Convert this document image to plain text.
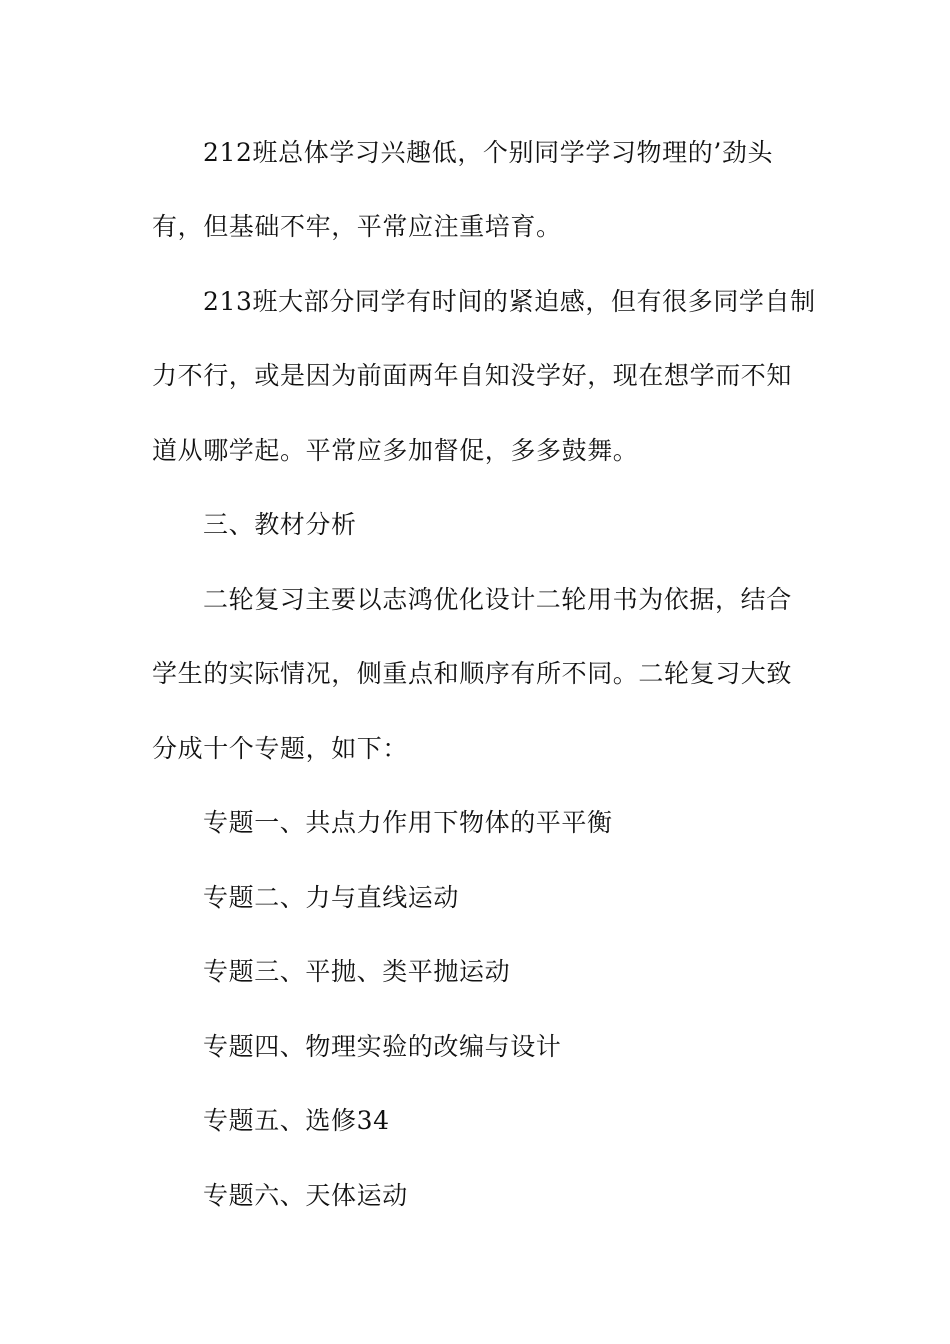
212班总体学习兴趣低，个别同学学习物理的’劲头
有，但基础不牢，平常应注重培育。
213班大部分同学有时间的紧迫感，但有很多同学自制
力不行，或是因为前面两年自知没学好，现在想学而不知
道从哪学起。平常应多加督促，多多鼓舞。
三、教材分析
二轮复习主要以志鸿优化设计二轮用书为依据，结合
学生的实际情况，侧重点和顺序有所不同。二轮复习大致
分成十个专题，如下：
专题一、共点力作用下物体的平平衡
专题二、力与直线运动
专题三、平抛、类平抛运动
专题四、物理实验的改编与设计
专题五、选修34
专题六、天体运动
